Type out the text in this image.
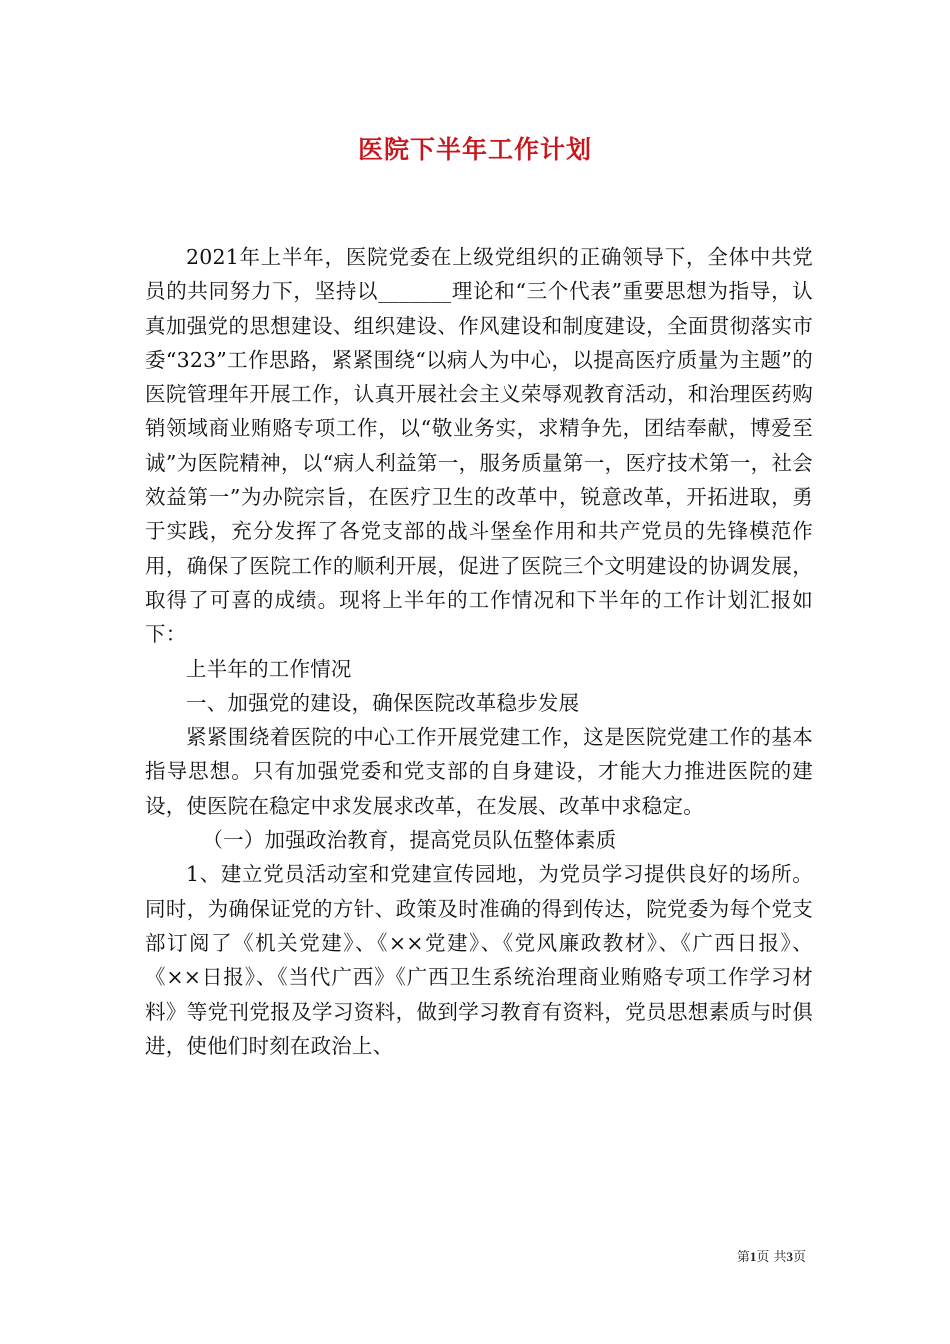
医院下半年工作计划

2021年上半年，医院党委在上级党组织的正确领导下，全体中共党员的共同努力下，坚持以_______理论和“三个代表”重要思想为指导，认真加强党的思想建设、组织建设、作风建设和制度建设，全面贯彻落实市委“323”工作思路，紧紧围绕“以病人为中心，以提高医疗质量为主题”的医院管理年开展工作，认真开展社会主义荣辱观教育活动，和治理医药购销领域商业贿赂专项工作，以“敬业务实，求精争先，团结奉献，博爱至诚”为医院精神，以“病人利益第一，服务质量第一，医疗技术第一，社会效益第一”为办院宗旨，在医疗卫生的改革中，锐意改革，开拓进取，勇于实践，充分发挥了各党支部的战斗堡垒作用和共产党员的先锋模范作用，确保了医院工作的顺利开展，促进了医院三个文明建设的协调发展，取得了可喜的成绩。现将上半年的工作情况和下半年的工作计划汇报如下：

上半年的工作情况

一、加强党的建设，确保医院改革稳步发展

紧紧围绕着医院的中心工作开展党建工作，这是医院党建工作的基本指导思想。只有加强党委和党支部的自身建设，才能大力推进医院的建设，使医院在稳定中求发展求改革，在发展、改革中求稳定。

（一）加强政治教育，提高党员队伍整体素质

1、建立党员活动室和党建宣传园地，为党员学习提供良好的场所。同时，为确保证党的方针、政策及时准确的得到传达，院党委为每个党支部订阅了《机关党建》、《××党建》、《党风廉政教材》、《广西日报》、《××日报》、《当代广西》《广西卫生系统治理商业贿赂专项工作学习材料》等党刊党报及学习资料，做到学习教育有资料，党员思想素质与时俱进，使他们时刻在政治上、

第1页 共3页
